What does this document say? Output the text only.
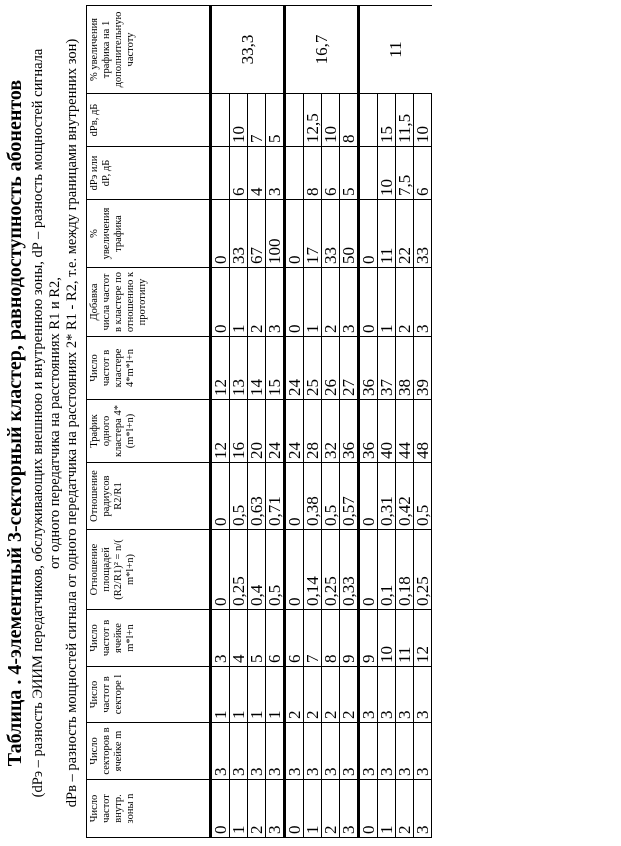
Таблица . 4-элементный 3-секторный кластер, равнодоступность абонентов (dPэ – разность ЭИИМ передатчиков, обслуживающих внешнюю и внутреннюю зоны, dP – разность мощностей сигнала от одного передатчика на расстояниях R1 и R2, dPв – разность мощностей сигнала от одного передатчика на расстояниях 2* R1 - R2, т.е. между границами внутренних зон)
Число частот внутр. зоны n	Число секторов в ячейке m	Число частот в секторе l	Число частот в ячейке m*l+n	Отношение площадей (R2/R1)² = n/( m*l+n)	Отношение радиусов R2/R1	Трафик одного кластера 4*(m*l+n)	Число частот в кластере 4*m*l+n	Добавка числа частот в кластере по отношению к прототипу	% увеличения трафика	dPэ или dP, дБ	dPв, дБ	% увеличения трафика на 1 дополнительную частоту
0	3	1	3	0	0	12	12	0	0			33,3
1	3	1	4	0,25	0,5	16	13	1	33	6	10
2	3	1	5	0,4	0,63	20	14	2	67	4	7
3	3	1	6	0,5	0,71	24	15	3	100	3	5
0	3	2	6	0	0	24	24	0	0			16,7
1	3	2	7	0,14	0,38	28	25	1	17	8	12,5
2	3	2	8	0,25	0,5	32	26	2	33	6	10
3	3	2	9	0,33	0,57	36	27	3	50	5	8
0	3	3	9	0	0	36	36	0	0			11
1	3	3	10	0,1	0,31	40	37	1	11	10	15
2	3	3	11	0,18	0,42	44	38	2	22	7,5	11,5
3	3	3	12	0,25	0,5	48	39	3	33	6	10
